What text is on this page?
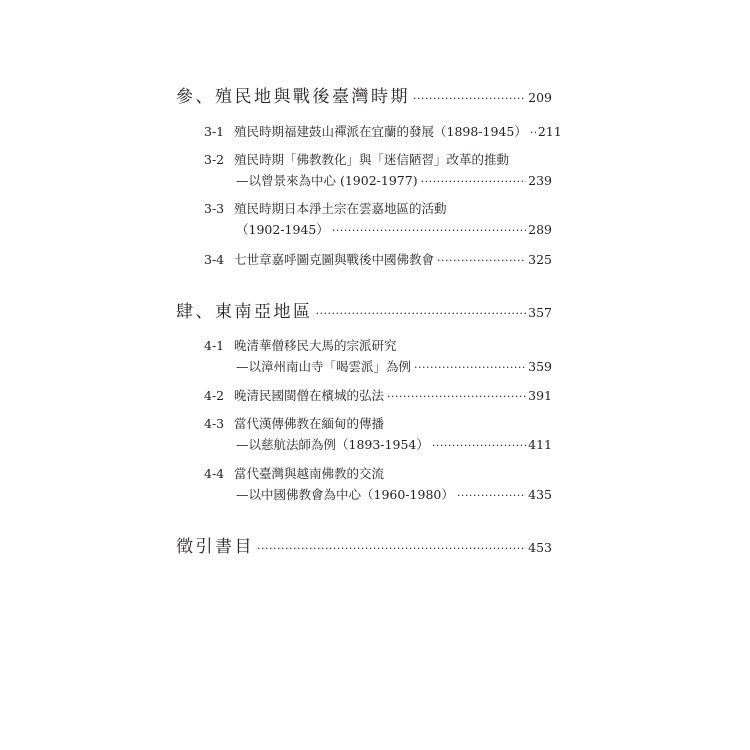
參、殖民地與戰後臺灣時期 .....	209
3-1 殖民時期福建鼓山禪派在宜蘭的發展（1898-1945） ..... 211
3-2 殖民時期「佛教教化」與「迷信陋習」改革的推動
—以曾景來為中心 (1902-1977) .....	239
3-3 殖民時期日本淨土宗在雲嘉地區的活動
（1902-1945） .....	289
3-4 七世章嘉呼圖克圖與戰後中國佛教會 .....	325
肆、東南亞地區 .....	357
4-1 晚清華僧移民大馬的宗派研究
—以漳州南山寺「喝雲派」為例 .....	359
4-2 晚清民國閩僧在檳城的弘法 .....	391
4-3 當代漢傳佛教在緬甸的傳播
—以慈航法師為例（1893-1954） .....	411
4-4 當代臺灣與越南佛教的交流
—以中國佛教會為中心（1960-1980） .....	435
徵引書目 .....	453
